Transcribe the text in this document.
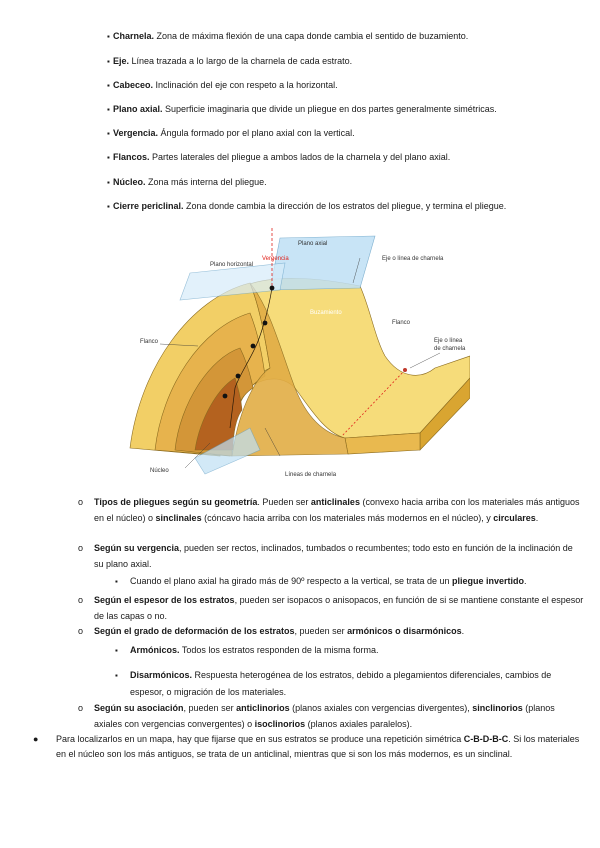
▪ Charnela. Zona de máxima flexión de una capa donde cambia el sentido de buzamiento.
▪ Eje. Línea trazada a lo largo de la charnela de cada estrato.
▪ Cabeceo. Inclinación del eje con respeto a la horizontal.
▪ Plano axial. Superficie imaginaria que divide un pliegue en dos partes generalmente simétricas.
▪ Vergencia. Ángula formado por el plano axial con la vertical.
▪ Flancos. Partes laterales del pliegue a ambos lados de la charnela y del plano axial.
▪ Núcleo. Zona más interna del pliegue.
▪ Cierre periclinal. Zona donde cambia la dirección de los estratos del pliegue, y termina el pliegue.
Plano axial
Plano horizontal
Vergencia	Eje o línea de charnela
Buzamiento
Flanco
Flanco
Eje o línea
de charnela
Núcleo
Líneas de charnela
o Tipos de pliegues según su geometría. Pueden ser anticlinales (convexo hacia arriba con los materiales más antiguos en el núcleo) o sinclinales (cóncavo hacia arriba con los materiales más modernos en el núcleo), y circulares.
o Según su vergencia, pueden ser rectos, inclinados, tumbados o recumbentes; todo esto en función de la inclinación de su plano axial.
▪ Cuando el plano axial ha girado más de 90º respecto a la vertical, se trata de un pliegue invertido.
o Según el espesor de los estratos, pueden ser isopacos o anisopacos, en función de si se mantiene constante el espesor de las capas o no.
o Según el grado de deformación de los estratos, pueden ser armónicos o disarmónicos.
▪ Armónicos. Todos los estratos responden de la misma forma.
▪ Disarmónicos. Respuesta heterogénea de los estratos, debido a plegamientos diferenciales, cambios de espesor, o migración de los materiales.
o Según su asociación, pueden ser anticlinorios (planos axiales con vergencias divergentes), sinclinorios (planos axiales con vergencias convergentes) o isoclinorios (planos axiales paralelos).
● Para localizarlos en un mapa, hay que fijarse que en sus estratos se produce una repetición simétrica C-B-D-B-C. Si los materiales en el núcleo son los más antiguos, se trata de un anticlinal, mientras que si son los más modernos, es un sinclinal.
